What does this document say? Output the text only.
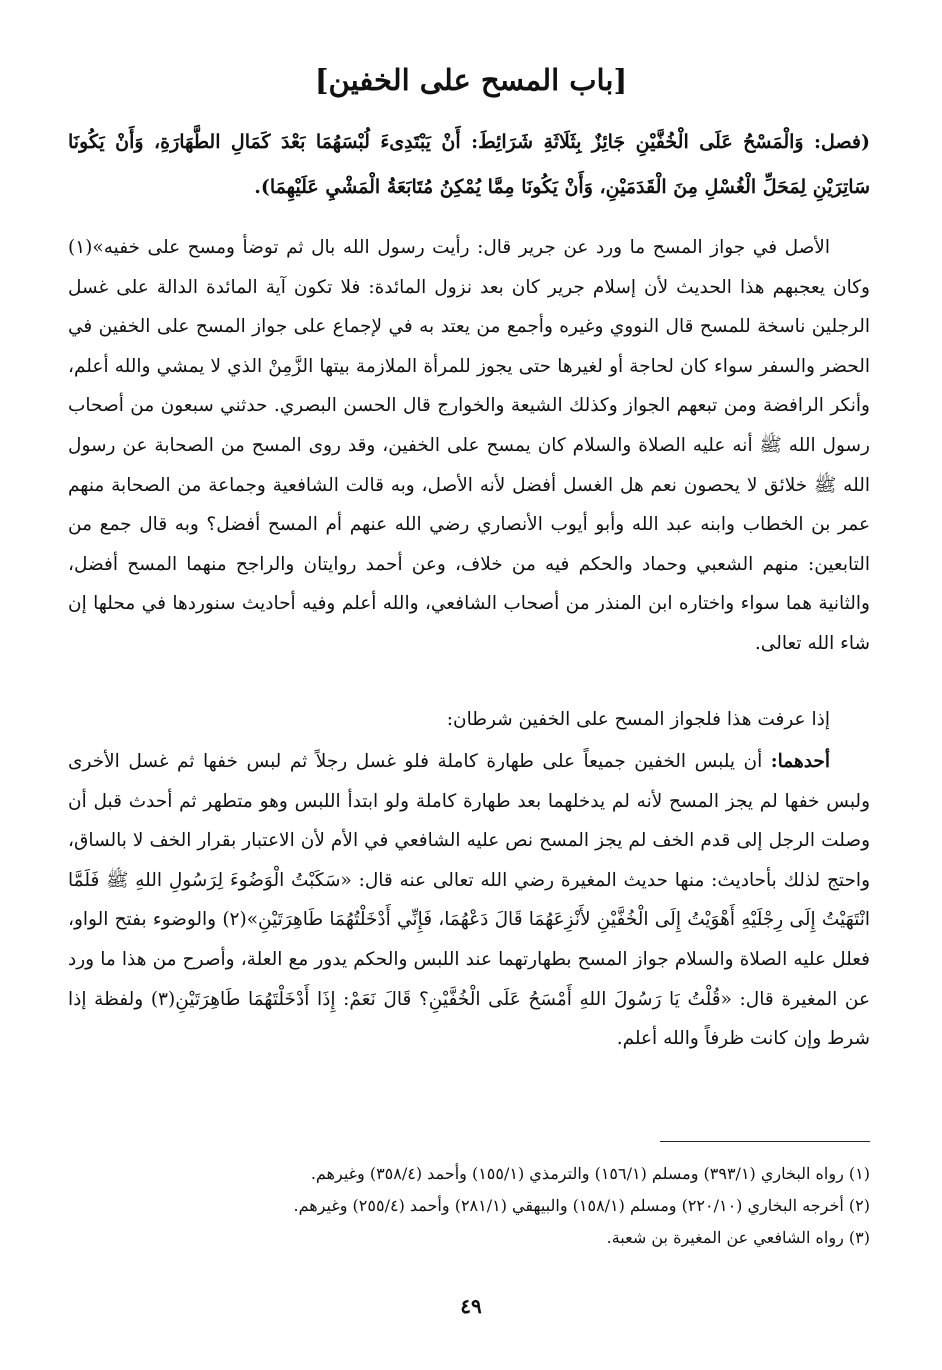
[باب المسح على الخفين]
(فصل: وَالْمَسْحُ عَلَى الْخُفَّيْنِ جَائِزٌ بِثَلَاثَةِ شَرَائِطَ: أَنْ يَبْتَدِىءَ لُبْسَهُمَا بَعْدَ كَمَالِ الطَّهَارَةِ، وَأَنْ يَكُونَا سَاتِرَيْنِ لِمَحَلِّ الْغُسْلِ مِنَ الْقَدَمَيْنِ، وَأَنْ يَكُونَا مِمَّا يُمْكِنُ مُتَابَعَةُ الْمَشْيِ عَلَيْهِمَا).
الأصل في جواز المسح ما ورد عن جرير قال: رأيت رسول الله بال ثم توضأ ومسح على خفيه»(١) وكان يعجبهم هذا الحديث لأن إسلام جرير كان بعد نزول المائدة: فلا تكون آية المائدة الدالة على غسل الرجلين ناسخة للمسح قال النووي وغيره وأجمع من يعتد به في لإجماع على جواز المسح على الخفين في الحضر والسفر سواء كان لحاجة أو لغيرها حتى يجوز للمرأة الملازمة بيتها الزَّمِنْ الذي لا يمشي والله أعلم، وأنكر الرافضة ومن تبعهم الجواز وكذلك الشيعة والخوارج قال الحسن البصري. حدثني سبعون من أصحاب رسول الله ﷺ أنه عليه الصلاة والسلام كان يمسح على الخفين، وقد روى المسح من الصحابة عن رسول الله ﷺ خلائق لا يحصون نعم هل الغسل أفضل لأنه الأصل، وبه قالت الشافعية وجماعة من الصحابة منهم عمر بن الخطاب وابنه عبد الله وأبو أيوب الأنصاري رضي الله عنهم أم المسح أفضل؟ وبه قال جمع من التابعين: منهم الشعبي وحماد والحكم فيه من خلاف، وعن أحمد روايتان والراجح منهما المسح أفضل، والثانية هما سواء واختاره ابن المنذر من أصحاب الشافعي، والله أعلم وفيه أحاديث سنوردها في محلها إن شاء الله تعالى.
إذا عرفت هذا فلجواز المسح على الخفين شرطان:
أحدهما: أن يلبس الخفين جميعاً على طهارة كاملة فلو غسل رجلاً ثم لبس خفها ثم غسل الأخرى ولبس خفها لم يجز المسح لأنه لم يدخلهما بعد طهارة كاملة ولو ابتدأ اللبس وهو متطهر ثم أحدث قبل أن وصلت الرجل إلى قدم الخف لم يجز المسح نص عليه الشافعي في الأم لأن الاعتبار بقرار الخف لا بالساق، واحتج لذلك بأحاديث: منها حديث المغيرة رضي الله تعالى عنه قال: «سَكَبْتُ الْوَضُوءَ لِرَسُولِ اللهِ ﷺ فَلَمَّا انْتَهَيْتُ إِلَى رِجْلَيْهِ أَهْوَيْتُ إِلَى الْخُفَّيْنِ لأَنْزِعَهُمَا قَالَ دَعْهُمَا، فَإِنِّي أَدْخَلْتُهُمَا طَاهِرَتَيْنِ»(٢) والوضوء بفتح الواو، فعلل عليه الصلاة والسلام جواز المسح بطهارتهما عند اللبس والحكم يدور مع العلة، وأصرح من هذا ما ورد عن المغيرة قال: «قُلْتُ يَا رَسُولَ اللهِ أَمْسَحُ عَلَى الْخُفَّيْنِ؟ قَالَ نَعَمْ: إِذَا أَدْخَلْتَهُمَا طَاهِرَتَيْنِ(٣) ولفظة إذا شرط وإن كانت ظرفاً والله أعلم.
(١) رواه البخاري (٣٩٣/١) ومسلم (١٥٦/١) والترمذي (١٥٥/١) وأحمد (٣٥٨/٤) وغيرهم.
(٢) أخرجه البخاري (٢٢٠/١٠) ومسلم (١٥٨/١) والبيهقي (٢٨١/١) وأحمد (٢٥٥/٤) وغيرهم.
(٣) رواه الشافعي عن المغيرة بن شعبة.
٤٩
